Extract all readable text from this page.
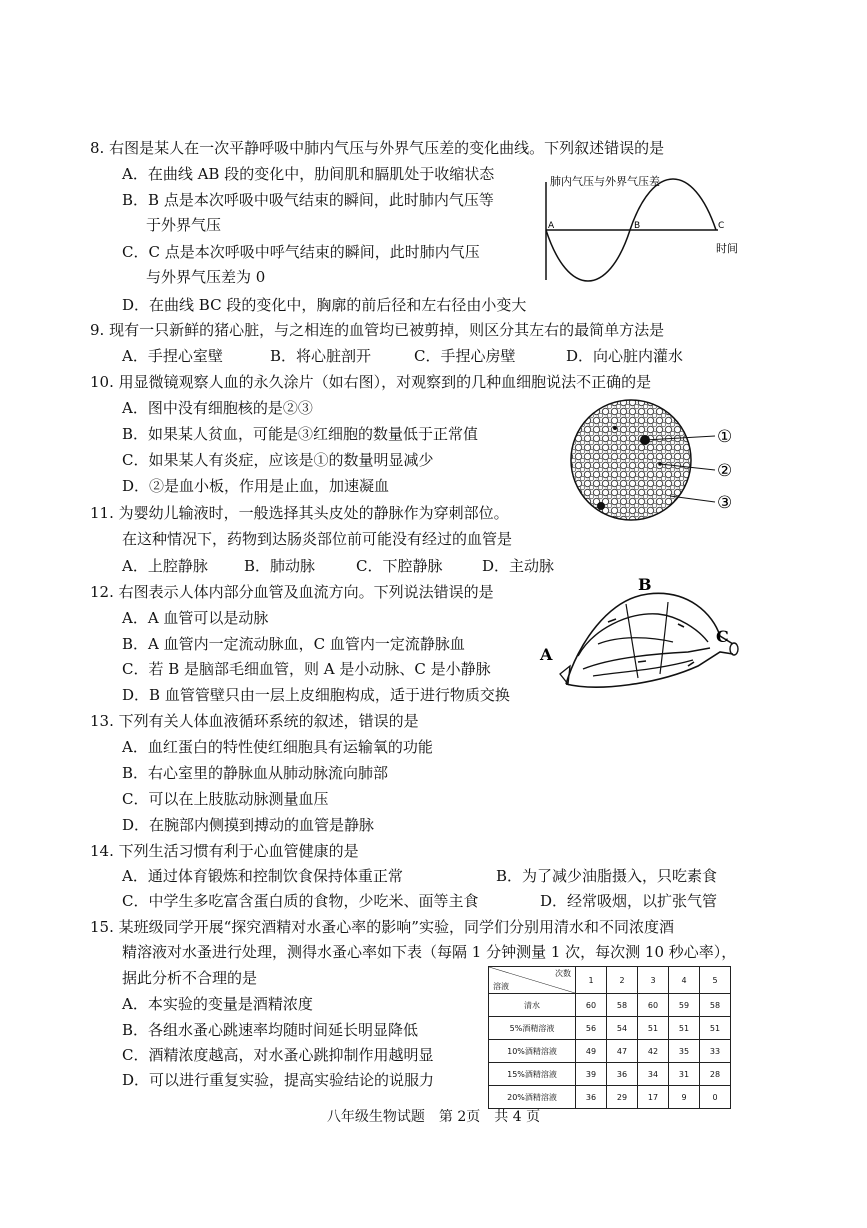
8. 右图是某人在一次平静呼吸中肺内气压与外界气压差的变化曲线。下列叙述错误的是
A．在曲线 AB 段的变化中，肋间肌和膈肌处于收缩状态
B．B 点是本次呼吸中吸气结束的瞬间，此时肺内气压等
于外界气压
C．C 点是本次呼吸中呼气结束的瞬间，此时肺内气压
与外界气压差为 0
D．在曲线 BC 段的变化中，胸廓的前后径和左右径由小变大
肺内气压与外界气压差
时间
A	B	C
9. 现有一只新鲜的猪心脏，与之相连的血管均已被剪掉，则区分其左右的最简单方法是
A．手捏心室壁	B．将心脏剖开	C．手捏心房壁	D．向心脏内灌水
10. 用显微镜观察人血的永久涂片（如右图），对观察到的几种血细胞说法不正确的是
A．图中没有细胞核的是②③
B．如果某人贫血，可能是③红细胞的数量低于正常值
C．如果某人有炎症，应该是①的数量明显减少
D．②是血小板，作用是止血，加速凝血
①
②
③
11. 为婴幼儿输液时，一般选择其头皮处的静脉作为穿刺部位。
在这种情况下，药物到达肠炎部位前可能没有经过的血管是
A．上腔静脉 B．肺动脉	C．下腔静脉	D．主动脉
12. 右图表示人体内部分血管及血流方向。下列说法错误的是
A．A 血管可以是动脉
B．A 血管内一定流动脉血，C 血管内一定流静脉血
C．若 B 是脑部毛细血管，则 A 是小动脉、C 是小静脉
D．B 血管管壁只由一层上皮细胞构成，适于进行物质交换
B
A
C
13. 下列有关人体血液循环系统的叙述，错误的是
A．血红蛋白的特性使红细胞具有运输氧的功能
B．右心室里的静脉血从肺动脉流向肺部
C．可以在上肢肱动脉测量血压
D．在腕部内侧摸到搏动的血管是静脉
14. 下列生活习惯有利于心血管健康的是
A．通过体育锻炼和控制饮食保持体重正常	B．为了减少油脂摄入，只吃素食
C．中学生多吃富含蛋白质的食物，少吃米、面等主食	D．经常吸烟，以扩张气管
15. 某班级同学开展“探究酒精对水蚤心率的影响”实验，同学们分别用清水和不同浓度酒
精溶液对水蚤进行处理，测得水蚤心率如下表（每隔 1 分钟测量 1 次，每次测 10 秒心率），
据此分析不合理的是
A．本实验的变量是酒精浓度
B．各组水蚤心跳速率均随时间延长明显降低
C．酒精浓度越高，对水蚤心跳抑制作用越明显
D．可以进行重复实验，提高实验结论的说服力
次数
溶液	1	2	3	4	5
清水	60	58	60	59	58
5%酒精溶液	56	54	51	51	51
10%酒精溶液	49	47	42	35	33
15%酒精溶液	39	36	34	31	28
20%酒精溶液	36	29	17	9	0
八年级生物试题　第 2页　共 4 页
